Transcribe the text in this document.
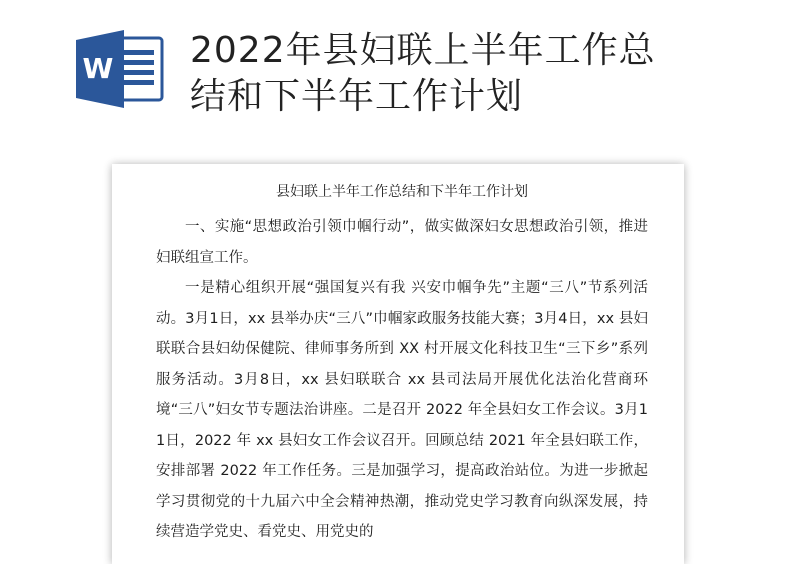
W 2022年县妇联上半年工作总
结和下半年工作计划
县妇联上半年工作总结和下半年工作计划

一、实施“思想政治引领巾帼行动”，做实做深妇女思想政治引领，推进妇联组宣工作。

一是精心组织开展“强国复兴有我 兴安巾帼争先”主题“三八”节系列活动。3月1日，xx 县举办庆“三八”巾帼家政服务技能大赛；3月4日，xx 县妇联联合县妇幼保健院、律师事务所到 XX 村开展文化科技卫生“三下乡”系列服务活动。3月8日，xx 县妇联联合 xx 县司法局开展优化法治化营商环境“三八”妇女节专题法治讲座。二是召开 2022 年全县妇女工作会议。3月11日，2022 年 xx 县妇女工作会议召开。回顾总结 2021 年全县妇联工作，安排部署 2022 年工作任务。三是加强学习，提高政治站位。为进一步掀起学习贯彻党的十九届六中全会精神热潮，推动党史学习教育向纵深发展，持续营造学党史、看党史、用党史的
